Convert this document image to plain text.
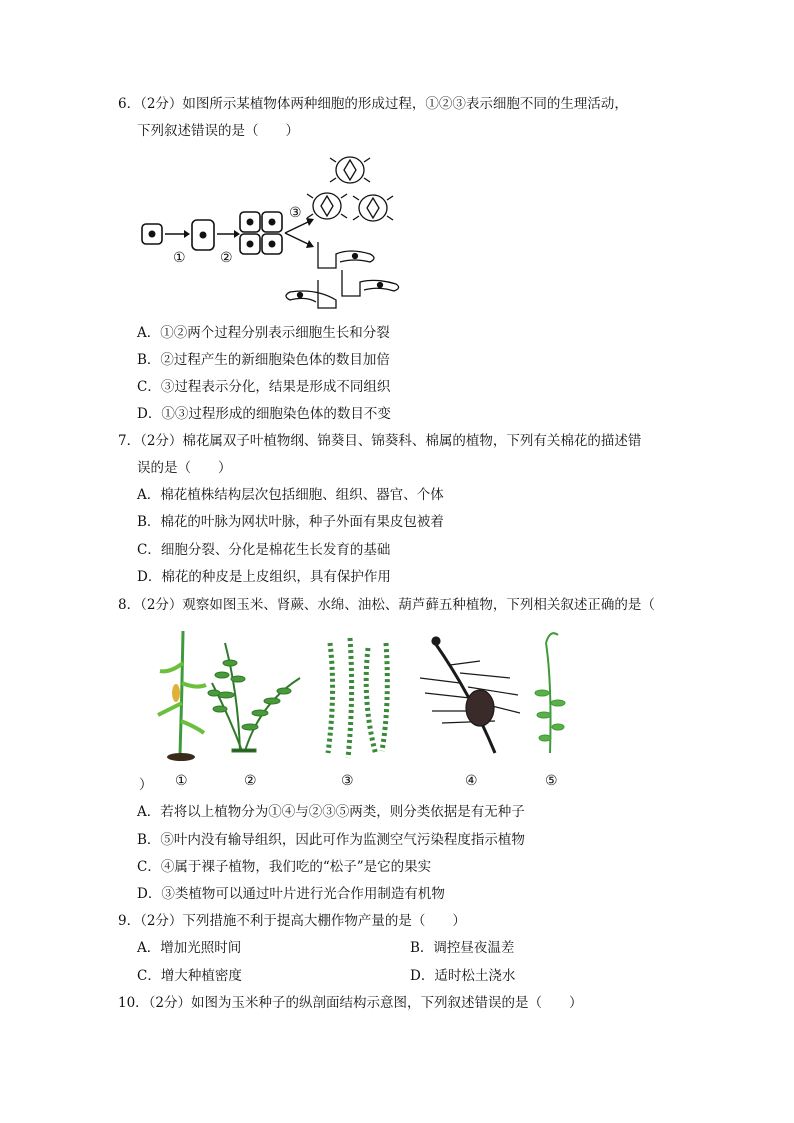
6．（2分）如图所示某植物体两种细胞的形成过程，①②③表示细胞不同的生理活动，
下列叙述错误的是（　　）
① ②
③
A．①②两个过程分别表示细胞生长和分裂
B．②过程产生的新细胞染色体的数目加倍
C．③过程表示分化，结果是形成不同组织
D．①③过程形成的细胞染色体的数目不变
7．（2分）棉花属双子叶植物纲、锦葵目、锦葵科、棉属的植物，下列有关棉花的描述错
误的是（　　）
A．棉花植株结构层次包括细胞、组织、器官、个体
B．棉花的叶脉为网状叶脉，种子外面有果皮包被着
C．细胞分裂、分化是棉花生长发育的基础
D．棉花的种皮是上皮组织，具有保护作用
8．（2分）观察如图玉米、肾蕨、水绵、油松、葫芦藓五种植物，下列相关叙述正确的是（
） ①	②	③	④	⑤
A．若将以上植物分为①④与②③⑤两类，则分类依据是有无种子
B．⑤叶内没有输导组织，因此可作为监测空气污染程度指示植物
C．④属于裸子植物，我们吃的“松子”是它的果实
D．③类植物可以通过叶片进行光合作用制造有机物
9．（2分）下列措施不利于提高大棚作物产量的是（　　）
A．增加光照时间	B．调控昼夜温差
C．增大种植密度	D．适时松土浇水
10．（2分）如图为玉米种子的纵剖面结构示意图，下列叙述错误的是（　　）
